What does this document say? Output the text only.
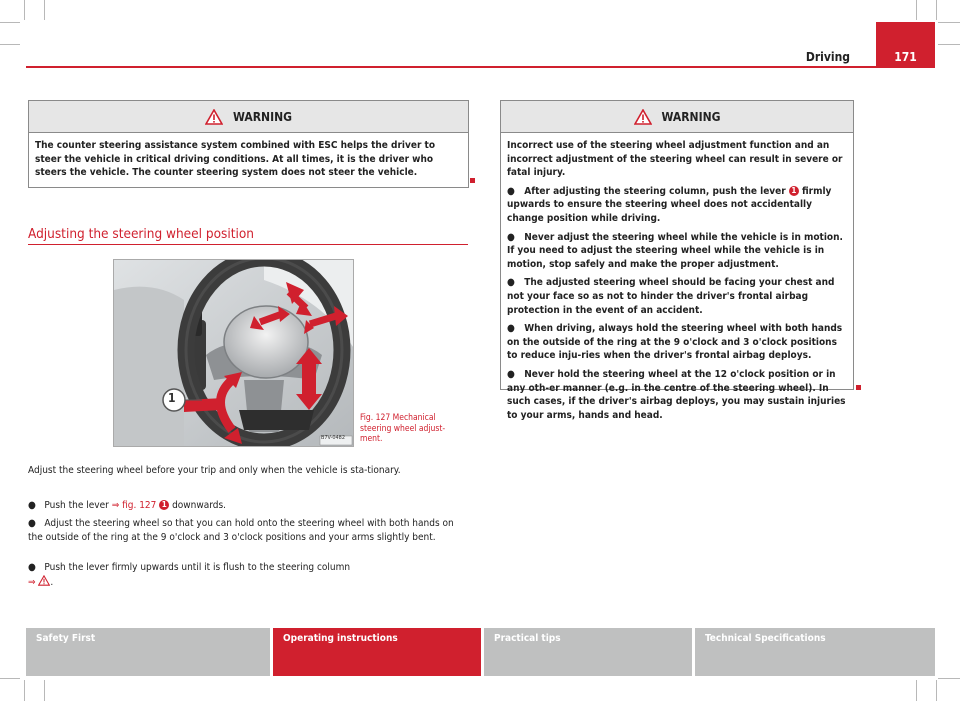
Driving	171
WARNING

The counter steering assistance system combined with ESC helps the driver to steer the vehicle in critical driving conditions. At all times, it is the driver who steers the vehicle. The counter steering system does not steer the vehicle.

Adjusting the steering wheel position
1
B7V-0482
Fig. 127 Mechanical steering wheel adjust-ment.

Adjust the steering wheel before your trip and only when the vehicle is sta-tionary.

●   Push the lever ⇒ fig. 127 1 downwards.

●   Adjust the steering wheel so that you can hold onto the steering wheel with both hands on the outside of the ring at the 9 o'clock and 3 o'clock positions and your arms slightly bent.

●   Push the lever firmly upwards until it is flush to the steering column
⇒ .

WARNING

Incorrect use of the steering wheel adjustment function and an incorrect adjustment of the steering wheel can result in severe or fatal injury.

●   After adjusting the steering column, push the lever 1 firmly upwards to ensure the steering wheel does not accidentally change position while driving.

●   Never adjust the steering wheel while the vehicle is in motion. If you need to adjust the steering wheel while the vehicle is in motion, stop safely and make the proper adjustment.

●   The adjusted steering wheel should be facing your chest and not your face so as not to hinder the driver's frontal airbag protection in the event of an accident.

●   When driving, always hold the steering wheel with both hands on the outside of the ring at the 9 o'clock and 3 o'clock positions to reduce inju-ries when the driver's frontal airbag deploys.

●   Never hold the steering wheel at the 12 o'clock position or in any oth-er manner (e.g. in the centre of the steering wheel). In such cases, if the driver's airbag deploys, you may sustain injuries to your arms, hands and head.

Safety First	Operating instructions	Practical tips	Technical Specifications
